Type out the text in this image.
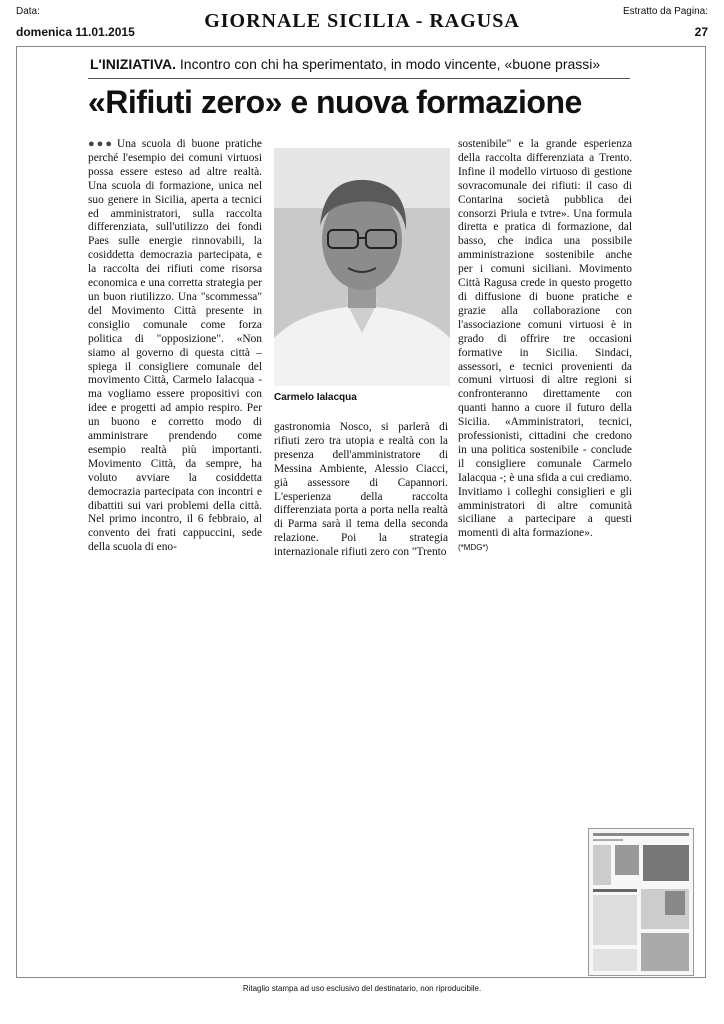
Data:
domenica 11.01.2015	GIORNALE SICILIA - RAGUSA	Estratto da Pagina:
27
L'INIZIATIVA. Incontro con chi ha sperimentato, in modo vincente, «buone prassi»
«Rifiuti zero» e nuova formazione
●●● Una scuola di buone pratiche perché l'esempio dei comuni virtuosi possa essere esteso ad altre realtà. Una scuola di formazione, unica nel suo genere in Sicilia, aperta a tecnici ed amministratori, sulla raccolta differenziata, sull'utilizzo dei fondi Paes sulle energie rinnovabili, la cosiddetta democrazia partecipata, e la raccolta dei rifiuti come risorsa economica e una corretta strategia per un buon riutilizzo. Una "scommessa" del Movimento Città presente in consiglio comunale come forza politica di "opposizione". «Non siamo al governo di questa città – spiega il consigliere comunale del movimento Città, Carmelo Ialacqua - ma vogliamo essere propositivi con idee e progetti ad ampio respiro. Per un buono e corretto modo di amministrare prendendo come esempio realtà più importanti. Movimento Città, da sempre, ha voluto avviare la cosiddetta democrazia partecipata con incontri e dibattiti sui vari problemi della città. Nel primo incontro, il 6 febbraio, al convento dei frati cappuccini, sede della scuola di eno-
Carmelo Ialacqua
gastronomia Nosco, si parlerà di rifiuti zero tra utopia e realtà con la presenza dell'amministratore di Messina Ambiente, Alessio Ciacci, già assessore di Capannori. L'esperienza della raccolta differenziata porta a porta nella realtà di Parma sarà il tema della seconda relazione. Poi la strategia internazionale rifiuti zero con "Trento
sostenibile" e la grande esperienza della raccolta differenziata a Trento. Infine il modello virtuoso di gestione sovracomunale dei rifiuti: il caso di Contarina società pubblica dei consorzi Priula e tvtre». Una formula diretta e pratica di formazione, dal basso, che indica una possibile amministrazione sostenibile anche per i comuni siciliani. Movimento Città Ragusa crede in questo progetto di diffusione di buone pratiche e grazie alla collaborazione con l'associazione comuni virtuosi è in grado di offrire tre occasioni formative in Sicilia. Sindaci, assessori, e tecnici provenienti da comuni virtuosi di altre regioni si confronteranno direttamente con quanti hanno a cuore il futuro della Sicilia. «Amministratori, tecnici, professionisti, cittadini che credono in una politica sostenibile - conclude il consigliere comunale Carmelo Ialacqua -; è una sfida a cui crediamo. Invitiamo i colleghi consiglieri e gli amministratori di altre comunità siciliane a partecipare a questi momenti di alta formazione».
(*MDG*)
Ritaglio stampa ad uso esclusivo del destinatario, non riproducibile.
